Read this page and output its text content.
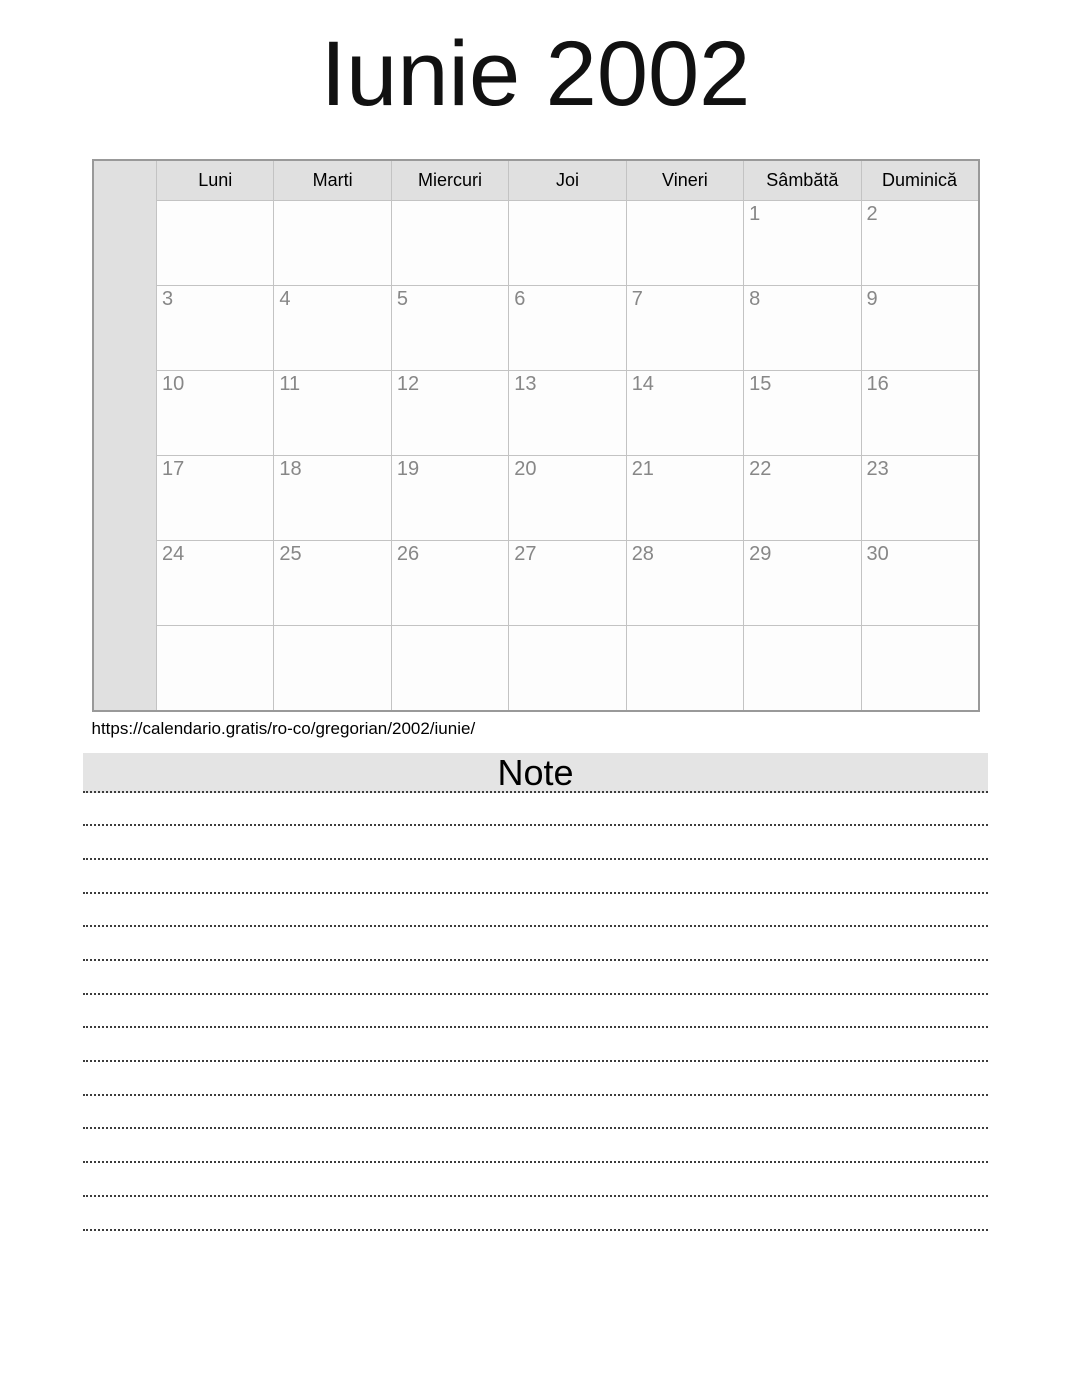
Iunie 2002
	Luni	Marti	Miercuri	Joi	Vineri	Sâmbătă	Duminică
						1	2
	3	4	5	6	7	8	9
	10	11	12	13	14	15	16
	17	18	19	20	21	22	23
	24	25	26	27	28	29	30

https://calendario.gratis/ro-co/gregorian/2002/iunie/
Note
